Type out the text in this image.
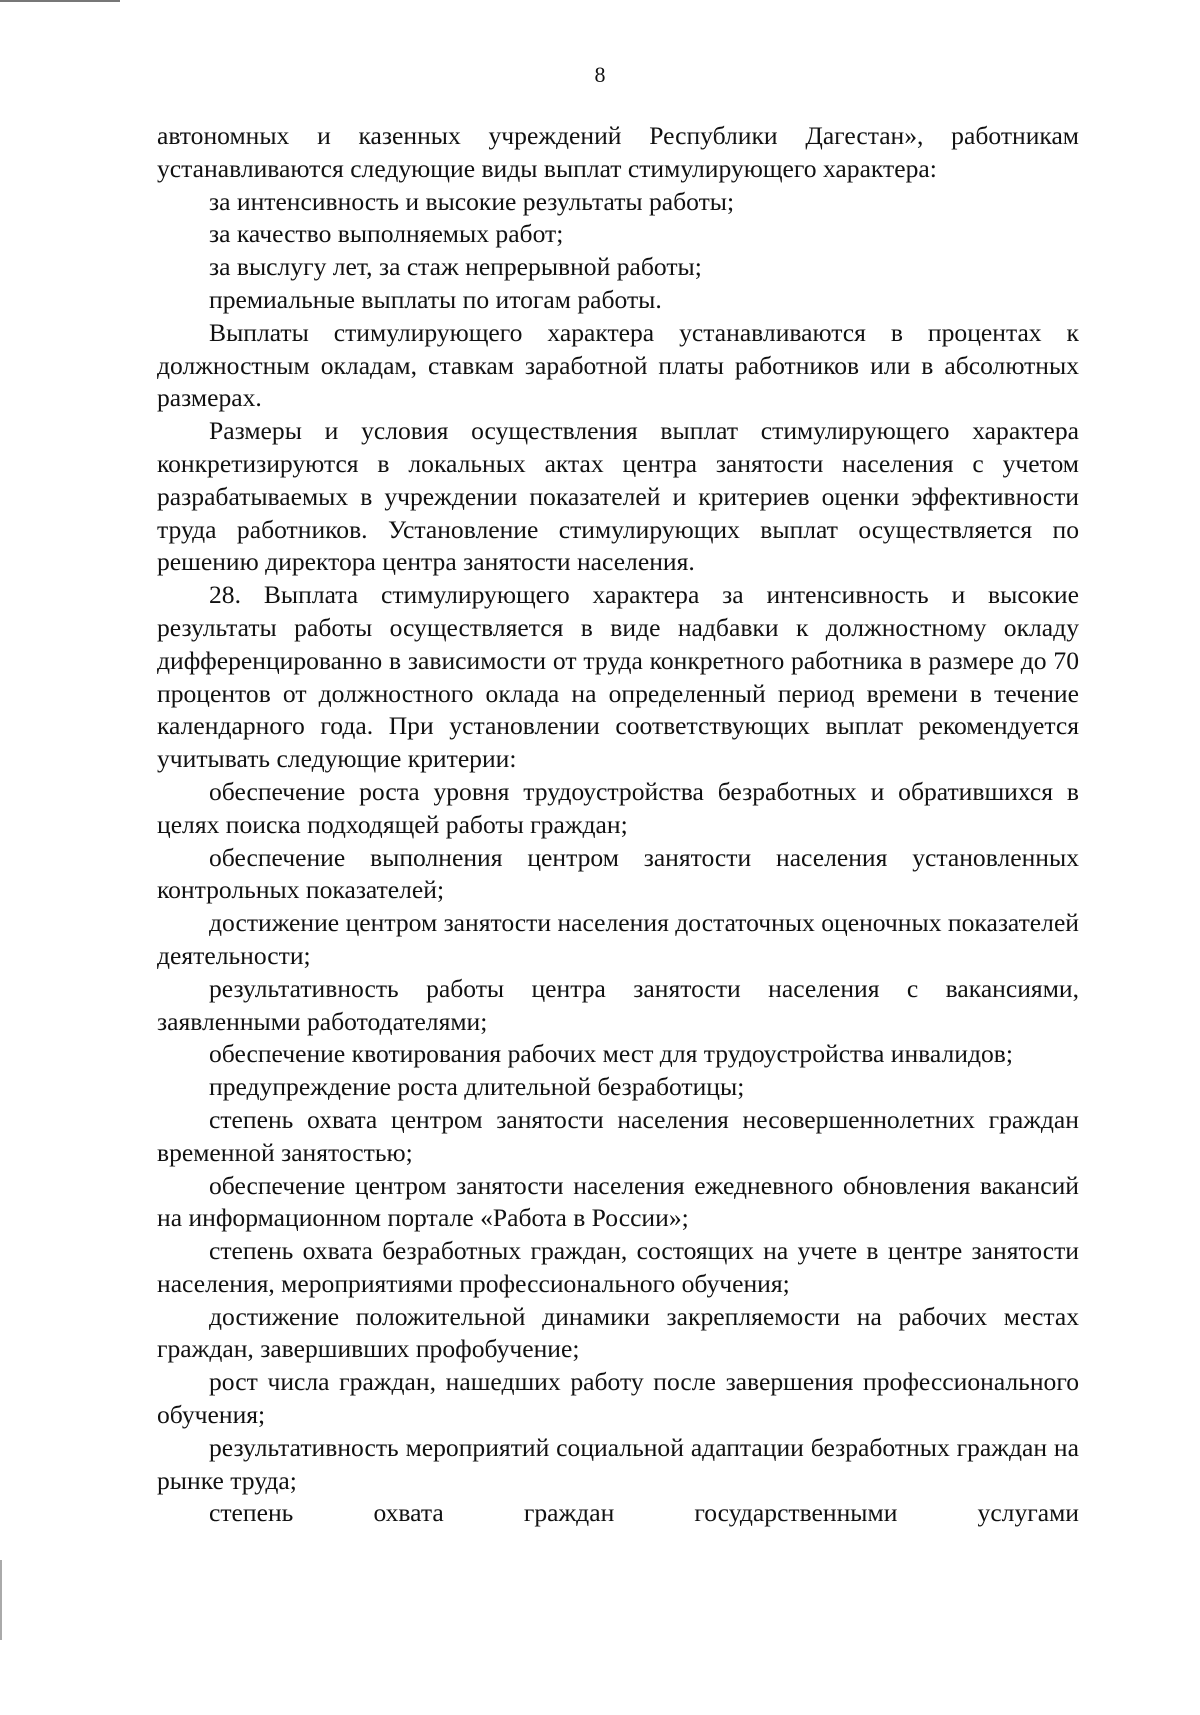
8

автономных и казенных учреждений Республики Дагестан», работникам устанавливаются следующие виды выплат стимулирующего характера:

за интенсивность и высокие результаты работы;

за качество выполняемых работ;

за выслугу лет, за стаж непрерывной работы;

премиальные выплаты по итогам работы.

Выплаты стимулирующего характера устанавливаются в процентах к должностным окладам, ставкам заработной платы работников или в абсолютных размерах.

Размеры и условия осуществления выплат стимулирующего характера конкретизируются в локальных актах центра занятости населения с учетом разрабатываемых в учреждении показателей и критериев оценки эффективности труда работников. Установление стимулирующих выплат осуществляется по решению директора центра занятости населения.

28. Выплата стимулирующего характера за интенсивность и высокие результаты работы осуществляется в виде надбавки к должностному окладу дифференцированно в зависимости от труда конкретного работника в размере до 70 процентов от должностного оклада на определенный период времени в течение календарного года. При установлении соответствующих выплат рекомендуется учитывать следующие критерии:

обеспечение роста уровня трудоустройства безработных и обратившихся в целях поиска подходящей работы граждан;

обеспечение выполнения центром занятости населения установленных контрольных показателей;

достижение центром занятости населения достаточных оценочных показателей деятельности;

результативность работы центра занятости населения с вакансиями, заявленными работодателями;

обеспечение квотирования рабочих мест для трудоустройства инвалидов;

предупреждение роста длительной безработицы;

степень охвата центром занятости населения несовершеннолетних граждан временной занятостью;

обеспечение центром занятости населения ежедневного обновления вакансий на информационном портале «Работа в России»;

степень охвата безработных граждан, состоящих на учете в центре занятости населения, мероприятиями профессионального обучения;

достижение положительной динамики закрепляемости на рабочих местах граждан, завершивших профобучение;

рост числа граждан, нашедших работу после завершения профессионального обучения;

результативность мероприятий социальной адаптации безработных граждан на рынке труда;

степень охвата граждан государственными услугами
